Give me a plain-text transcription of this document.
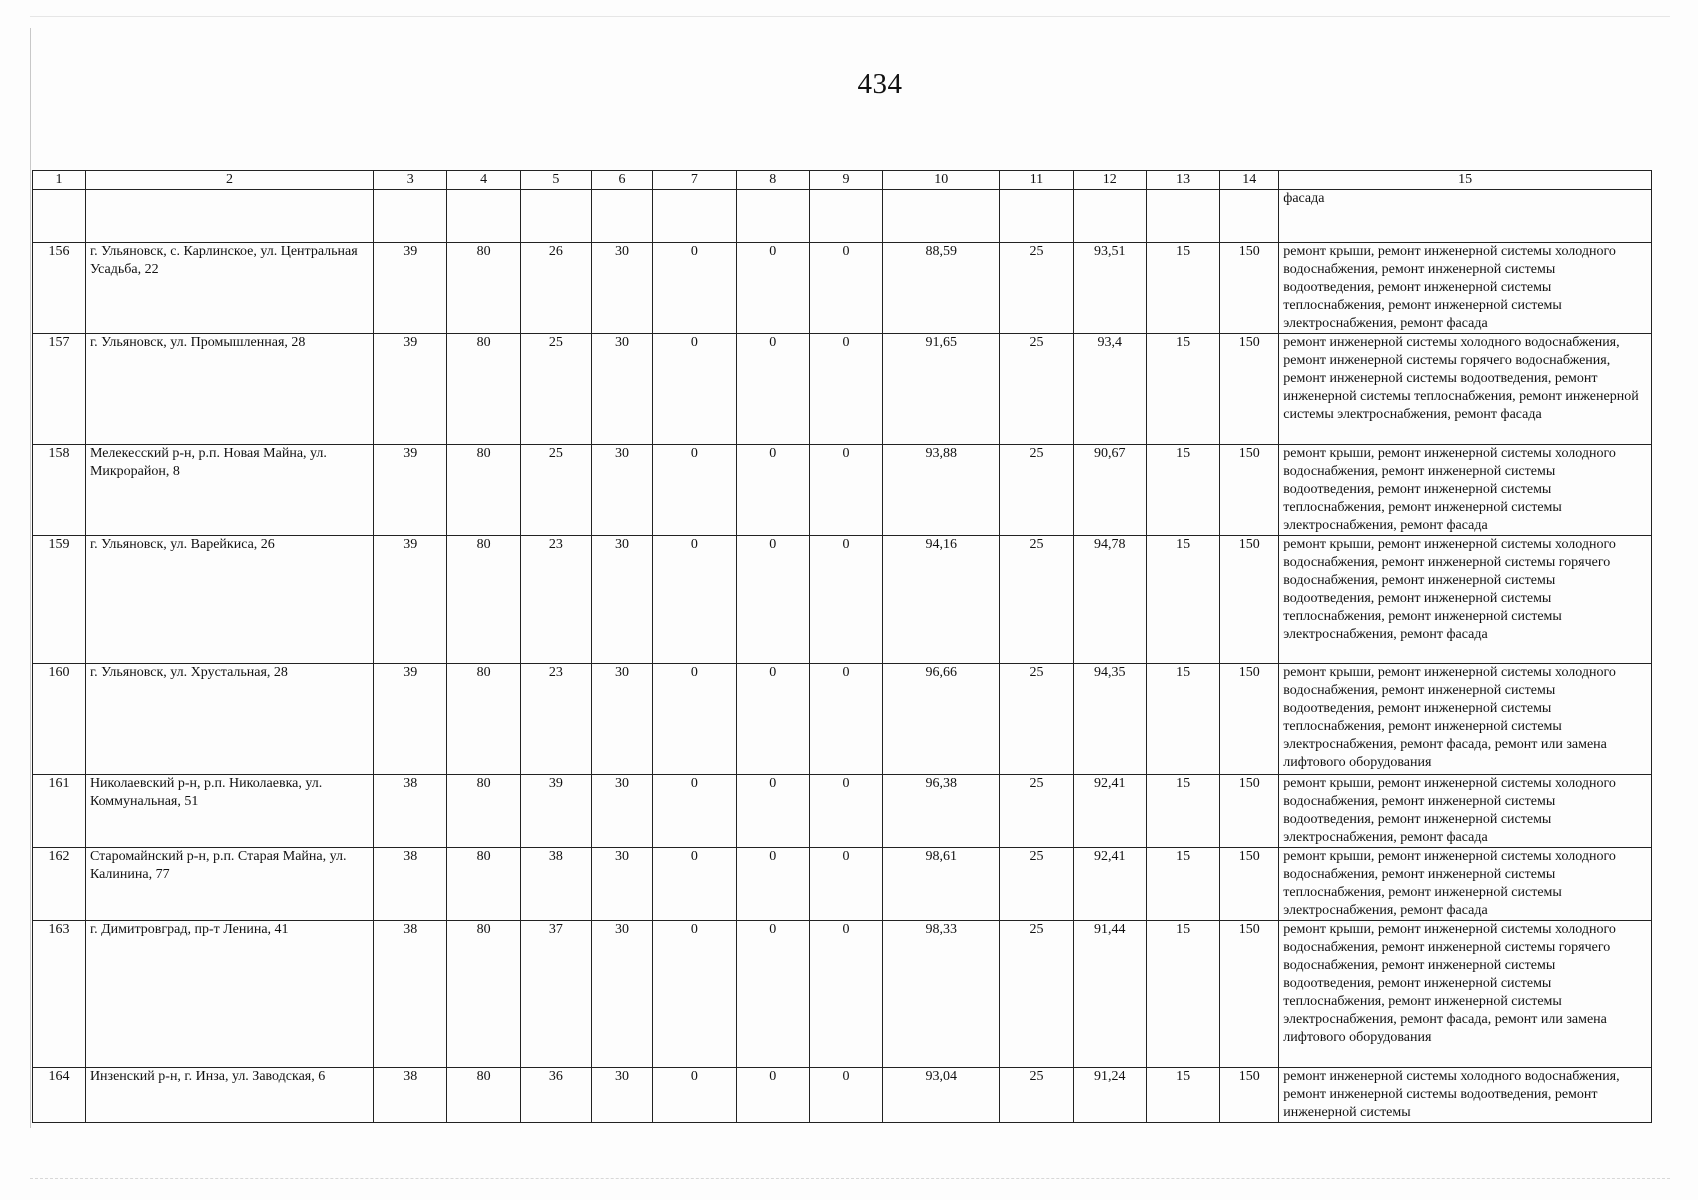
434
1	2	3	4	5	6	7	8	9	10	11	12	13	14	15
														фасада
156	г. Ульяновск, с. Карлинское, ул. Центральная Усадьба, 22	39	80	26	30	0	0	0	88,59	25	93,51	15	150	ремонт крыши, ремонт инженерной системы холодного водоснабжения, ремонт инженерной системы водоотведения, ремонт инженерной системы теплоснабжения, ремонт инженерной системы электроснабжения, ремонт фасада
157	г. Ульяновск, ул. Промышленная, 28	39	80	25	30	0	0	0	91,65	25	93,4	15	150	ремонт инженерной системы холодного водоснабжения, ремонт инженерной системы горячего водоснабжения, ремонт инженерной системы водоотведения, ремонт инженерной системы теплоснабжения, ремонт инженерной системы электроснабжения, ремонт фасада
158	Мелекесский р-н, р.п. Новая Майна, ул. Микрорайон, 8	39	80	25	30	0	0	0	93,88	25	90,67	15	150	ремонт крыши, ремонт инженерной системы холодного водоснабжения, ремонт инженерной системы водоотведения, ремонт инженерной системы теплоснабжения, ремонт инженерной системы электроснабжения, ремонт фасада
159	г. Ульяновск, ул. Варейкиса, 26	39	80	23	30	0	0	0	94,16	25	94,78	15	150	ремонт крыши, ремонт инженерной системы холодного водоснабжения, ремонт инженерной системы горячего водоснабжения, ремонт инженерной системы водоотведения, ремонт инженерной системы теплоснабжения, ремонт инженерной системы электроснабжения, ремонт фасада
160	г. Ульяновск, ул. Хрустальная, 28	39	80	23	30	0	0	0	96,66	25	94,35	15	150	ремонт крыши, ремонт инженерной системы холодного водоснабжения, ремонт инженерной системы водоотведения, ремонт инженерной системы теплоснабжения, ремонт инженерной системы электроснабжения, ремонт фасада, ремонт или замена лифтового оборудования
161	Николаевский р-н, р.п. Николаевка, ул. Коммунальная, 51	38	80	39	30	0	0	0	96,38	25	92,41	15	150	ремонт крыши, ремонт инженерной системы холодного водоснабжения, ремонт инженерной системы водоотведения, ремонт инженерной системы электроснабжения, ремонт фасада
162	Старомайнский р-н, р.п. Старая Майна, ул. Калинина, 77	38	80	38	30	0	0	0	98,61	25	92,41	15	150	ремонт крыши, ремонт инженерной системы холодного водоснабжения, ремонт инженерной системы теплоснабжения, ремонт инженерной системы электроснабжения, ремонт фасада
163	г. Димитровград, пр-т Ленина, 41	38	80	37	30	0	0	0	98,33	25	91,44	15	150	ремонт крыши, ремонт инженерной системы холодного водоснабжения, ремонт инженерной системы горячего водоснабжения, ремонт инженерной системы водоотведения, ремонт инженерной системы теплоснабжения, ремонт инженерной системы электроснабжения, ремонт фасада, ремонт или замена лифтового оборудования
164	Инзенский р-н, г. Инза, ул. Заводская, 6	38	80	36	30	0	0	0	93,04	25	91,24	15	150	ремонт инженерной системы холодного водоснабжения, ремонт инженерной системы водоотведения, ремонт инженерной системы
